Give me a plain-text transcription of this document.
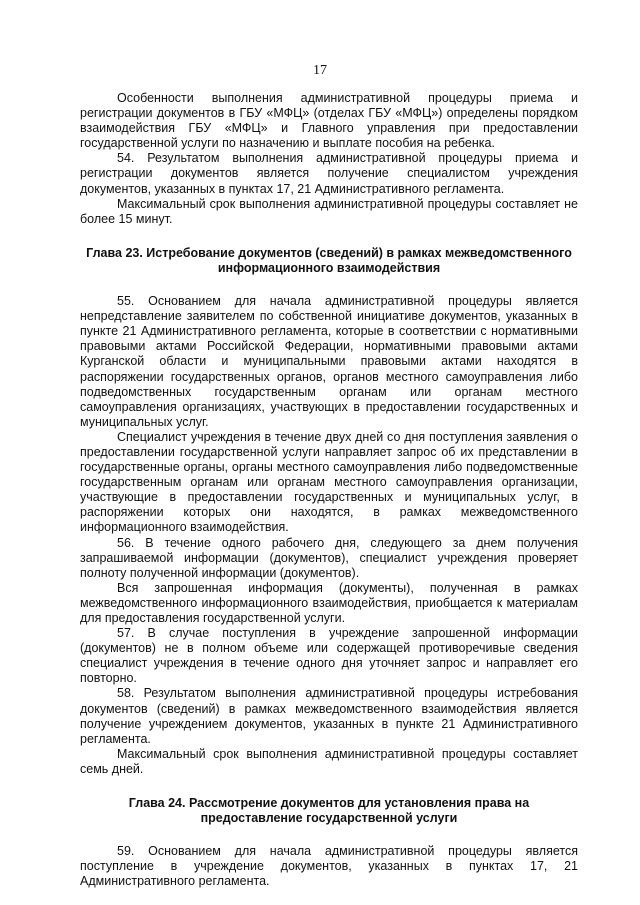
17

Особенности выполнения административной процедуры приема и регистрации документов в ГБУ «МФЦ» (отделах ГБУ «МФЦ») определены порядком взаимодействия ГБУ «МФЦ» и Главного управления при предоставлении государственной услуги по назначению и выплате пособия на ребенка.

54. Результатом выполнения административной процедуры приема и регистрации документов является получение специалистом учреждения документов, указанных в пунктах 17, 21 Административного регламента.

Максимальный срок выполнения административной процедуры составляет не более 15 минут.

Глава 23. Истребование документов (сведений) в рамках межведомственного информационного взаимодействия

55. Основанием для начала административной процедуры является непредставление заявителем по собственной инициативе документов, указанных в пункте 21 Административного регламента, которые в соответствии с нормативными правовыми актами Российской Федерации, нормативными правовыми актами Курганской области и муниципальными правовыми актами находятся в распоряжении государственных органов, органов местного самоуправления либо подведомственных государственным органам или органам местного самоуправления организациях, участвующих в предоставлении государственных и муниципальных услуг.

Специалист учреждения в течение двух дней со дня поступления заявления о предоставлении государственной услуги направляет запрос об их представлении в государственные органы, органы местного самоуправления либо подведомственные государственным органам или органам местного самоуправления организации, участвующие в предоставлении государственных и муниципальных услуг, в распоряжении которых они находятся, в рамках межведомственного информационного взаимодействия.

56. В течение одного рабочего дня, следующего за днем получения запрашиваемой информации (документов), специалист учреждения проверяет полноту полученной информации (документов).

Вся запрошенная информация (документы), полученная в рамках межведомственного информационного взаимодействия, приобщается к материалам для предоставления государственной услуги.

57. В случае поступления в учреждение запрошенной информации (документов) не в полном объеме или содержащей противоречивые сведения специалист учреждения в течение одного дня уточняет запрос и направляет его повторно.

58. Результатом выполнения административной процедуры истребования документов (сведений) в рамках межведомственного взаимодействия является получение учреждением документов, указанных в пункте 21 Административного регламента.

Максимальный срок выполнения административной процедуры составляет семь дней.

Глава 24. Рассмотрение документов для установления права на предоставление государственной услуги

59. Основанием для начала административной процедуры является поступление в учреждение документов, указанных в пунктах 17, 21 Административного регламента.
